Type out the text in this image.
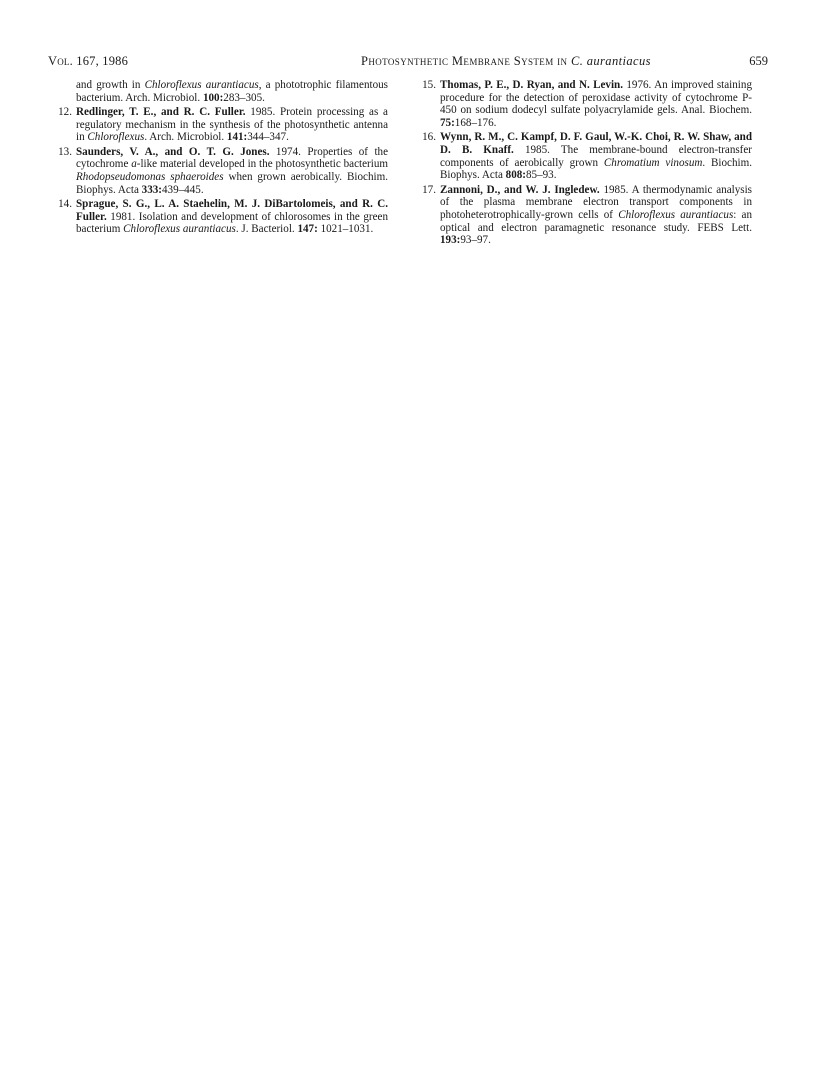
Vol. 167, 1986	Photosynthetic Membrane System in C. aurantiacus	659

and growth in Chloroflexus aurantiacus, a phototrophic filamentous bacterium. Arch. Microbiol. 100:283–305.

12. Redlinger, T. E., and R. C. Fuller. 1985. Protein processing as a regulatory mechanism in the synthesis of the photosynthetic antenna in Chloroflexus. Arch. Microbiol. 141:344–347.

13. Saunders, V. A., and O. T. G. Jones. 1974. Properties of the cytochrome a-like material developed in the photosynthetic bacterium Rhodopseudomonas sphaeroides when grown aerobically. Biochim. Biophys. Acta 333:439–445.

14. Sprague, S. G., L. A. Staehelin, M. J. DiBartolomeis, and R. C. Fuller. 1981. Isolation and development of chlorosomes in the green bacterium Chloroflexus aurantiacus. J. Bacteriol. 147: 1021–1031.

15. Thomas, P. E., D. Ryan, and N. Levin. 1976. An improved staining procedure for the detection of peroxidase activity of cytochrome P-450 on sodium dodecyl sulfate polyacrylamide gels. Anal. Biochem. 75:168–176.

16. Wynn, R. M., C. Kampf, D. F. Gaul, W.-K. Choi, R. W. Shaw, and D. B. Knaff. 1985. The membrane-bound electron-transfer components of aerobically grown Chromatium vinosum. Biochim. Biophys. Acta 808:85–93.

17. Zannoni, D., and W. J. Ingledew. 1985. A thermodynamic analysis of the plasma membrane electron transport components in photoheterotrophically-grown cells of Chloroflexus aurantiacus: an optical and electron paramagnetic resonance study. FEBS Lett. 193:93–97.
